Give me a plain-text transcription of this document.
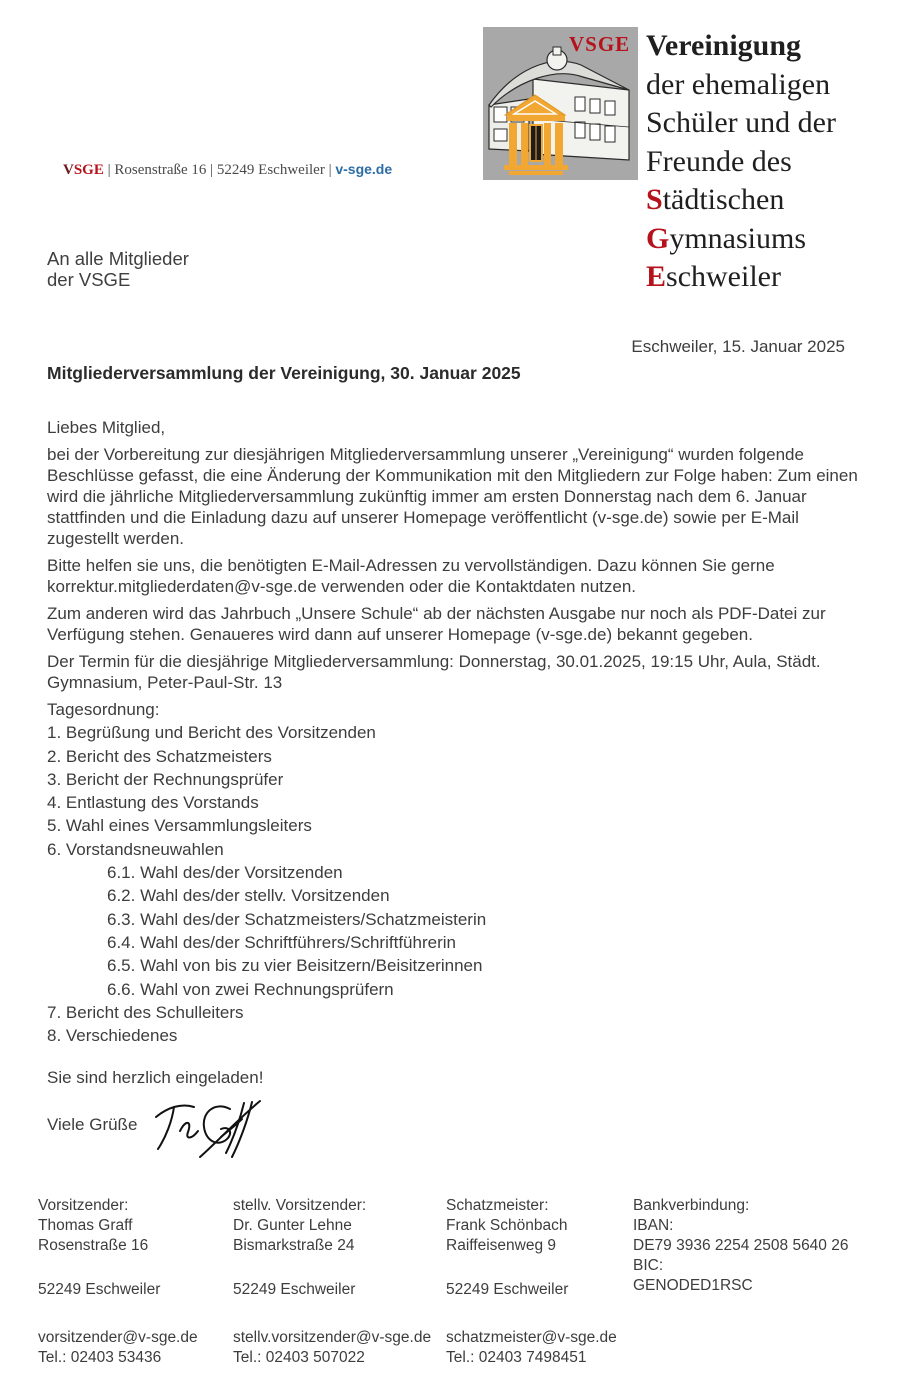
VSGE | Rosenstraße 16 | 52249 Eschweiler | v-sge.de
An alle Mitglieder
der VSGE
VSGE Vereinigung
der ehemaligen
Schüler und der
Freunde des
Städtischen
Gymnasiums
Eschweiler
Eschweiler, 15. Januar 2025
Mitgliederversammlung der Vereinigung, 30. Januar 2025
Liebes Mitglied,

bei der Vorbereitung zur diesjährigen Mitgliederversammlung unserer „Vereinigung“ wurden folgende Beschlüsse gefasst, die eine Änderung der Kommunikation mit den Mitgliedern zur Folge haben: Zum einen wird die jährliche Mitgliederversammlung zukünftig immer am ersten Donnerstag nach dem 6. Januar stattfinden und die Einladung dazu auf unserer Homepage veröffentlicht (v-sge.de) sowie per E-Mail zugestellt werden.

Bitte helfen sie uns, die benötigten E-Mail-Adressen zu vervollständigen. Dazu können Sie gerne korrektur.mitgliederdaten@v-sge.de verwenden oder die Kontaktdaten nutzen.

Zum anderen wird das Jahrbuch „Unsere Schule“ ab der nächsten Ausgabe nur noch als PDF-Datei zur Verfügung stehen. Genaueres wird dann auf unserer Homepage (v-sge.de) bekannt gegeben.

Der Termin für die diesjährige Mitgliederversammlung: Donnerstag, 30.01.2025, 19:15 Uhr, Aula, Städt. Gymnasium, Peter-Paul-Str. 13

Tagesordnung:
1. Begrüßung und Bericht des Vorsitzenden
2. Bericht des Schatzmeisters
3. Bericht der Rechnungsprüfer
4. Entlastung des Vorstands
5. Wahl eines Versammlungsleiters
6. Vorstandsneuwahlen
6.1. Wahl des/der Vorsitzenden
6.2. Wahl des/der stellv. Vorsitzenden
6.3. Wahl des/der Schatzmeisters/Schatzmeisterin
6.4. Wahl des/der Schriftführers/Schriftführerin
6.5. Wahl von bis zu vier Beisitzern/Beisitzerinnen
6.6. Wahl von zwei Rechnungsprüfern
7. Bericht des Schulleiters
8. Verschiedenes
Sie sind herzlich eingeladen!
Viele Grüße

Vorsitzender:
Thomas Graff
Rosenstraße 16

52249 Eschweiler

vorsitzender@v-sge.de
Tel.: 02403 53436

stellv. Vorsitzender:
Dr. Gunter Lehne
Bismarkstraße 24

52249 Eschweiler

stellv.vorsitzender@v-sge.de
Tel.: 02403 507022

Schatzmeister:
Frank Schönbach
Raiffeisenweg 9

52249 Eschweiler

schatzmeister@v-sge.de
Tel.: 02403 7498451

Bankverbindung:
IBAN:
DE79 3936 2254 2508 5640 26
BIC:
GENODED1RSC
